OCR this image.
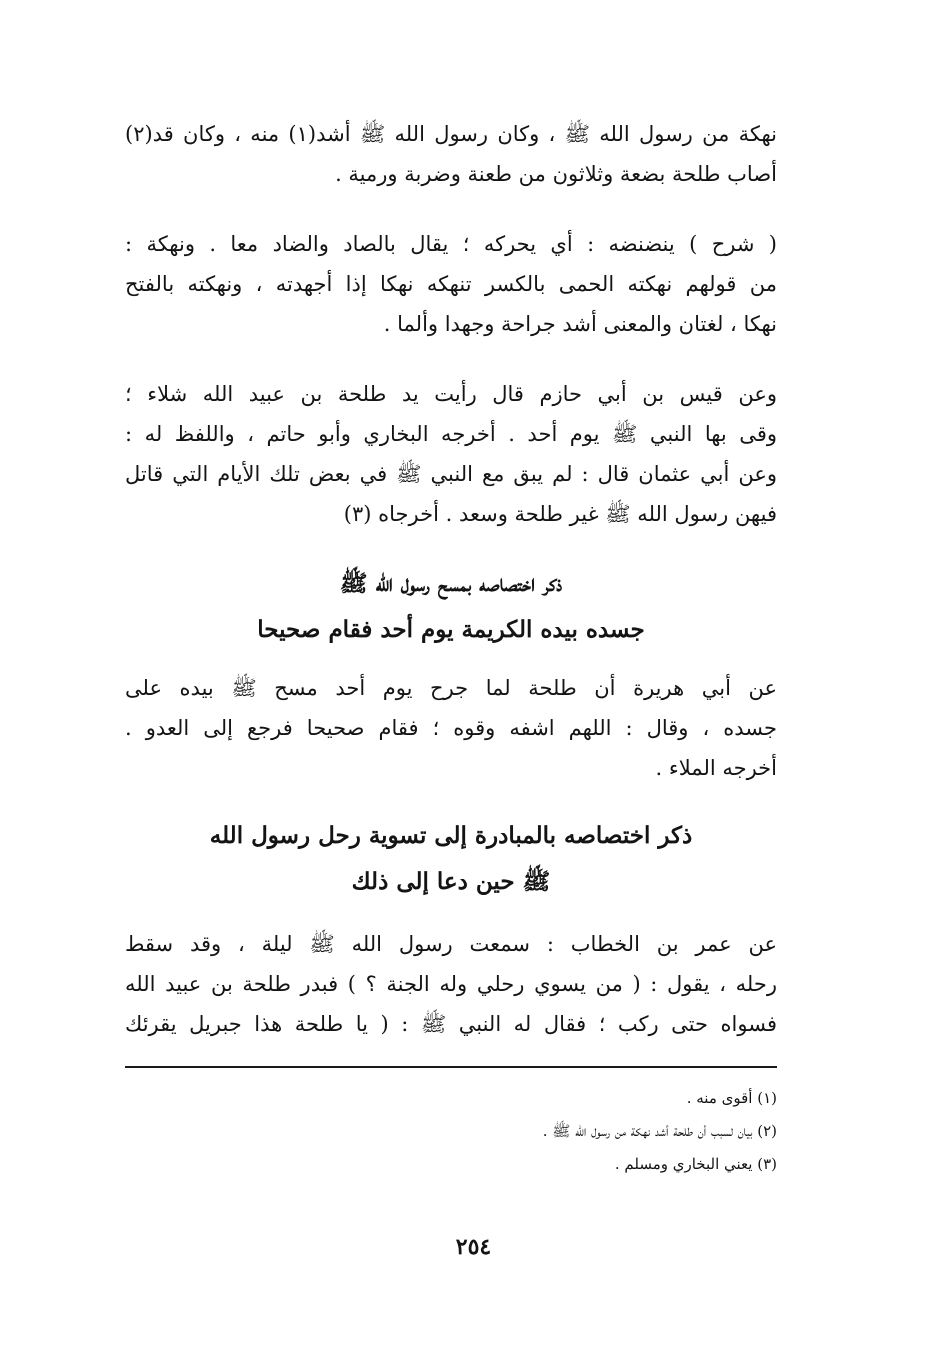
نهكة من رسول الله ﷺ ، وكان رسول الله ﷺ أشد(١) منه ، وكان قد(٢)
أصاب طلحة بضعة وثلاثون من طعنة وضربة ورمية .
( شرح ) ينضنضه : أي يحركه ؛ يقال بالصاد والضاد معا . ونهكة :
من قولهم نهكته الحمى بالكسر تنهكه نهكا إذا أجهدته ، ونهكته بالفتح
نهكا ، لغتان والمعنى أشد جراحة وجهدا وألما .
وعن قيس بن أبي حازم قال رأيت يد طلحة بن عبيد الله شلاء ؛
وقى بها النبي ﷺ يوم أحد . أخرجه البخاري وأبو حاتم ، واللفظ له :
وعن أبي عثمان قال : لم يبق مع النبي ﷺ في بعض تلك الأيام التي قاتل
فيهن رسول الله ﷺ غير طلحة وسعد . أخرجاه (٣)
ذكر اختصاصه بمسح رسول الله ﷺ
جسده بيده الكريمة يوم أحد فقام صحيحا
عن أبي هريرة أن طلحة لما جرح يوم أحد مسح ﷺ بيده على
جسده ، وقال : اللهم اشفه وقوه ؛ فقام صحيحا فرجع إلى العدو .
أخرجه الملاء .
ذكر اختصاصه بالمبادرة إلى تسوية رحل رسول الله
ﷺ حين دعا إلى ذلك
عن عمر بن الخطاب : سمعت رسول الله ﷺ ليلة ، وقد سقط
رحله ، يقول : ( من يسوي رحلي وله الجنة ؟ ) فبدر طلحة بن عبيد الله
فسواه حتى ركب ؛ فقال له النبي ﷺ : ( يا طلحة هذا جبريل يقرئك
(١) أقوى منه .
(٢) بيان لسبب أن طلحة أشد نهكة من رسول الله ﷺ .
(٣) يعني البخاري ومسلم .
٢٥٤
